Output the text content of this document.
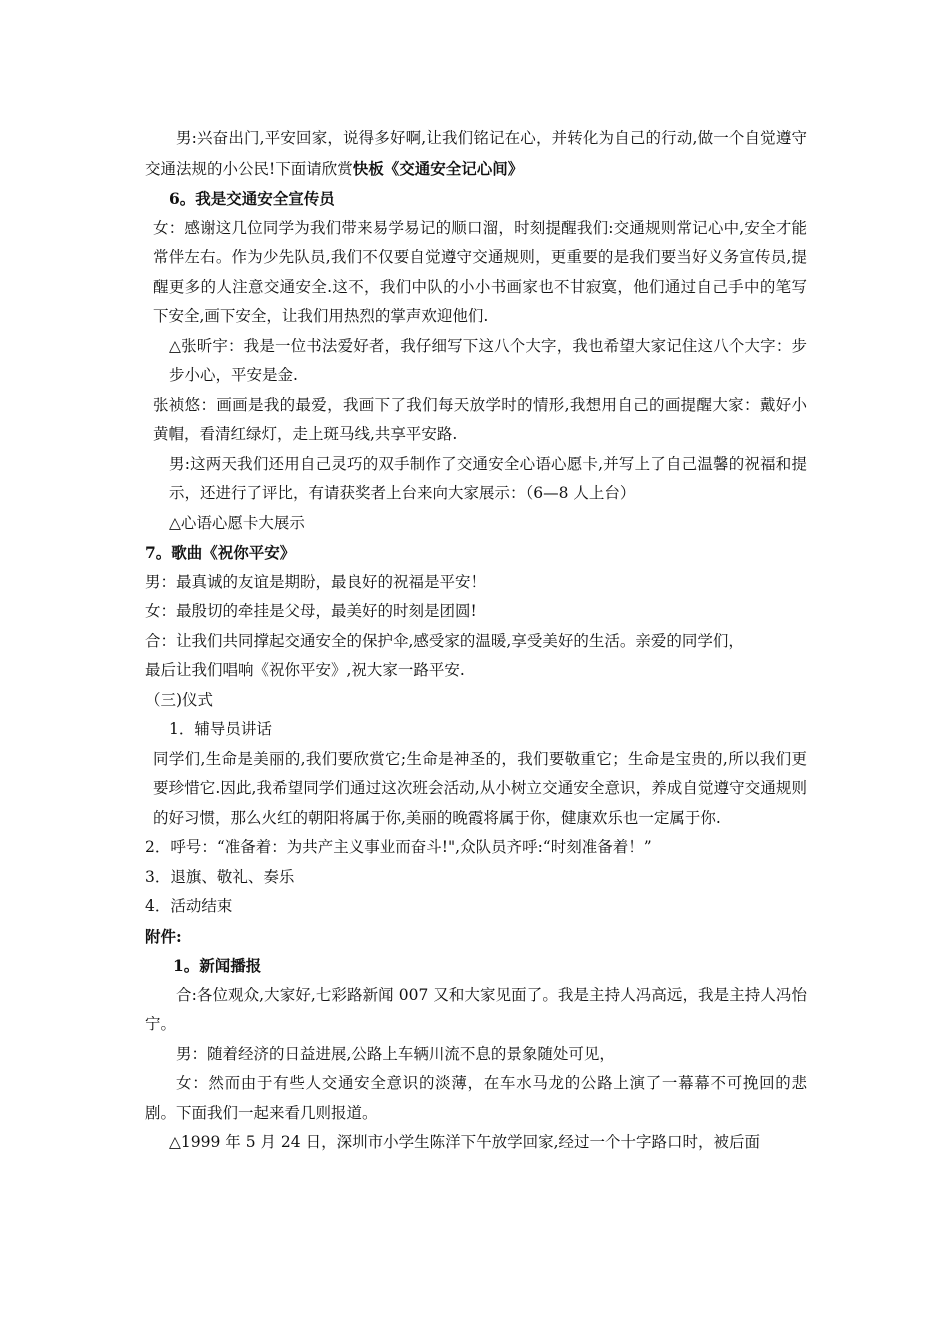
男:兴奋出门,平安回家，说得多好啊,让我们铭记在心，并转化为自己的行动,做一个自觉遵守交通法规的小公民!下面请欣赏快板《交通安全记心间》

6。我是交通安全宣传员

女：感谢这几位同学为我们带来易学易记的顺口溜，时刻提醒我们:交通规则常记心中,安全才能常伴左右。作为少先队员,我们不仅要自觉遵守交通规则，更重要的是我们要当好义务宣传员,提醒更多的人注意交通安全.这不，我们中队的小小书画家也不甘寂寞，他们通过自己手中的笔写下安全,画下安全，让我们用热烈的掌声欢迎他们.

△张昕宇：我是一位书法爱好者，我仔细写下这八个大字，我也希望大家记住这八个大字：步步小心，平安是金.

张祯悠：画画是我的最爱，我画下了我们每天放学时的情形,我想用自己的画提醒大家：戴好小黄帽，看清红绿灯，走上斑马线,共享平安路.

男:这两天我们还用自己灵巧的双手制作了交通安全心语心愿卡,并写上了自己温馨的祝福和提示，还进行了评比，有请获奖者上台来向大家展示：（6—8 人上台）

△心语心愿卡大展示

7。歌曲《祝你平安》

男：最真诚的友谊是期盼，最良好的祝福是平安！

女：最殷切的牵挂是父母，最美好的时刻是团圆!

合：让我们共同撑起交通安全的保护伞,感受家的温暖,享受美好的生活。亲爱的同学们，

最后让我们唱响《祝你平安》,祝大家一路平安.

（三)仪式

1．辅导员讲话

同学们,生命是美丽的,我们要欣赏它;生命是神圣的，我们要敬重它；生命是宝贵的,所以我们更要珍惜它.因此,我希望同学们通过这次班会活动,从小树立交通安全意识，养成自觉遵守交通规则的好习惯，那么火红的朝阳将属于你,美丽的晚霞将属于你，健康欢乐也一定属于你.

2．呼号：“准备着：为共产主义事业而奋斗!",众队员齐呼:“时刻准备着！”

3．退旗、敬礼、奏乐

4．活动结束

附件:

1。新闻播报

合:各位观众,大家好,七彩路新闻 007 又和大家见面了。我是主持人冯高远，我是主持人冯怡宁。

男：随着经济的日益进展,公路上车辆川流不息的景象随处可见，

女：然而由于有些人交通安全意识的淡薄，在车水马龙的公路上演了一幕幕不可挽回的悲剧。下面我们一起来看几则报道。

△1999 年 5 月 24 日，深圳市小学生陈洋下午放学回家,经过一个十字路口时，被后面
